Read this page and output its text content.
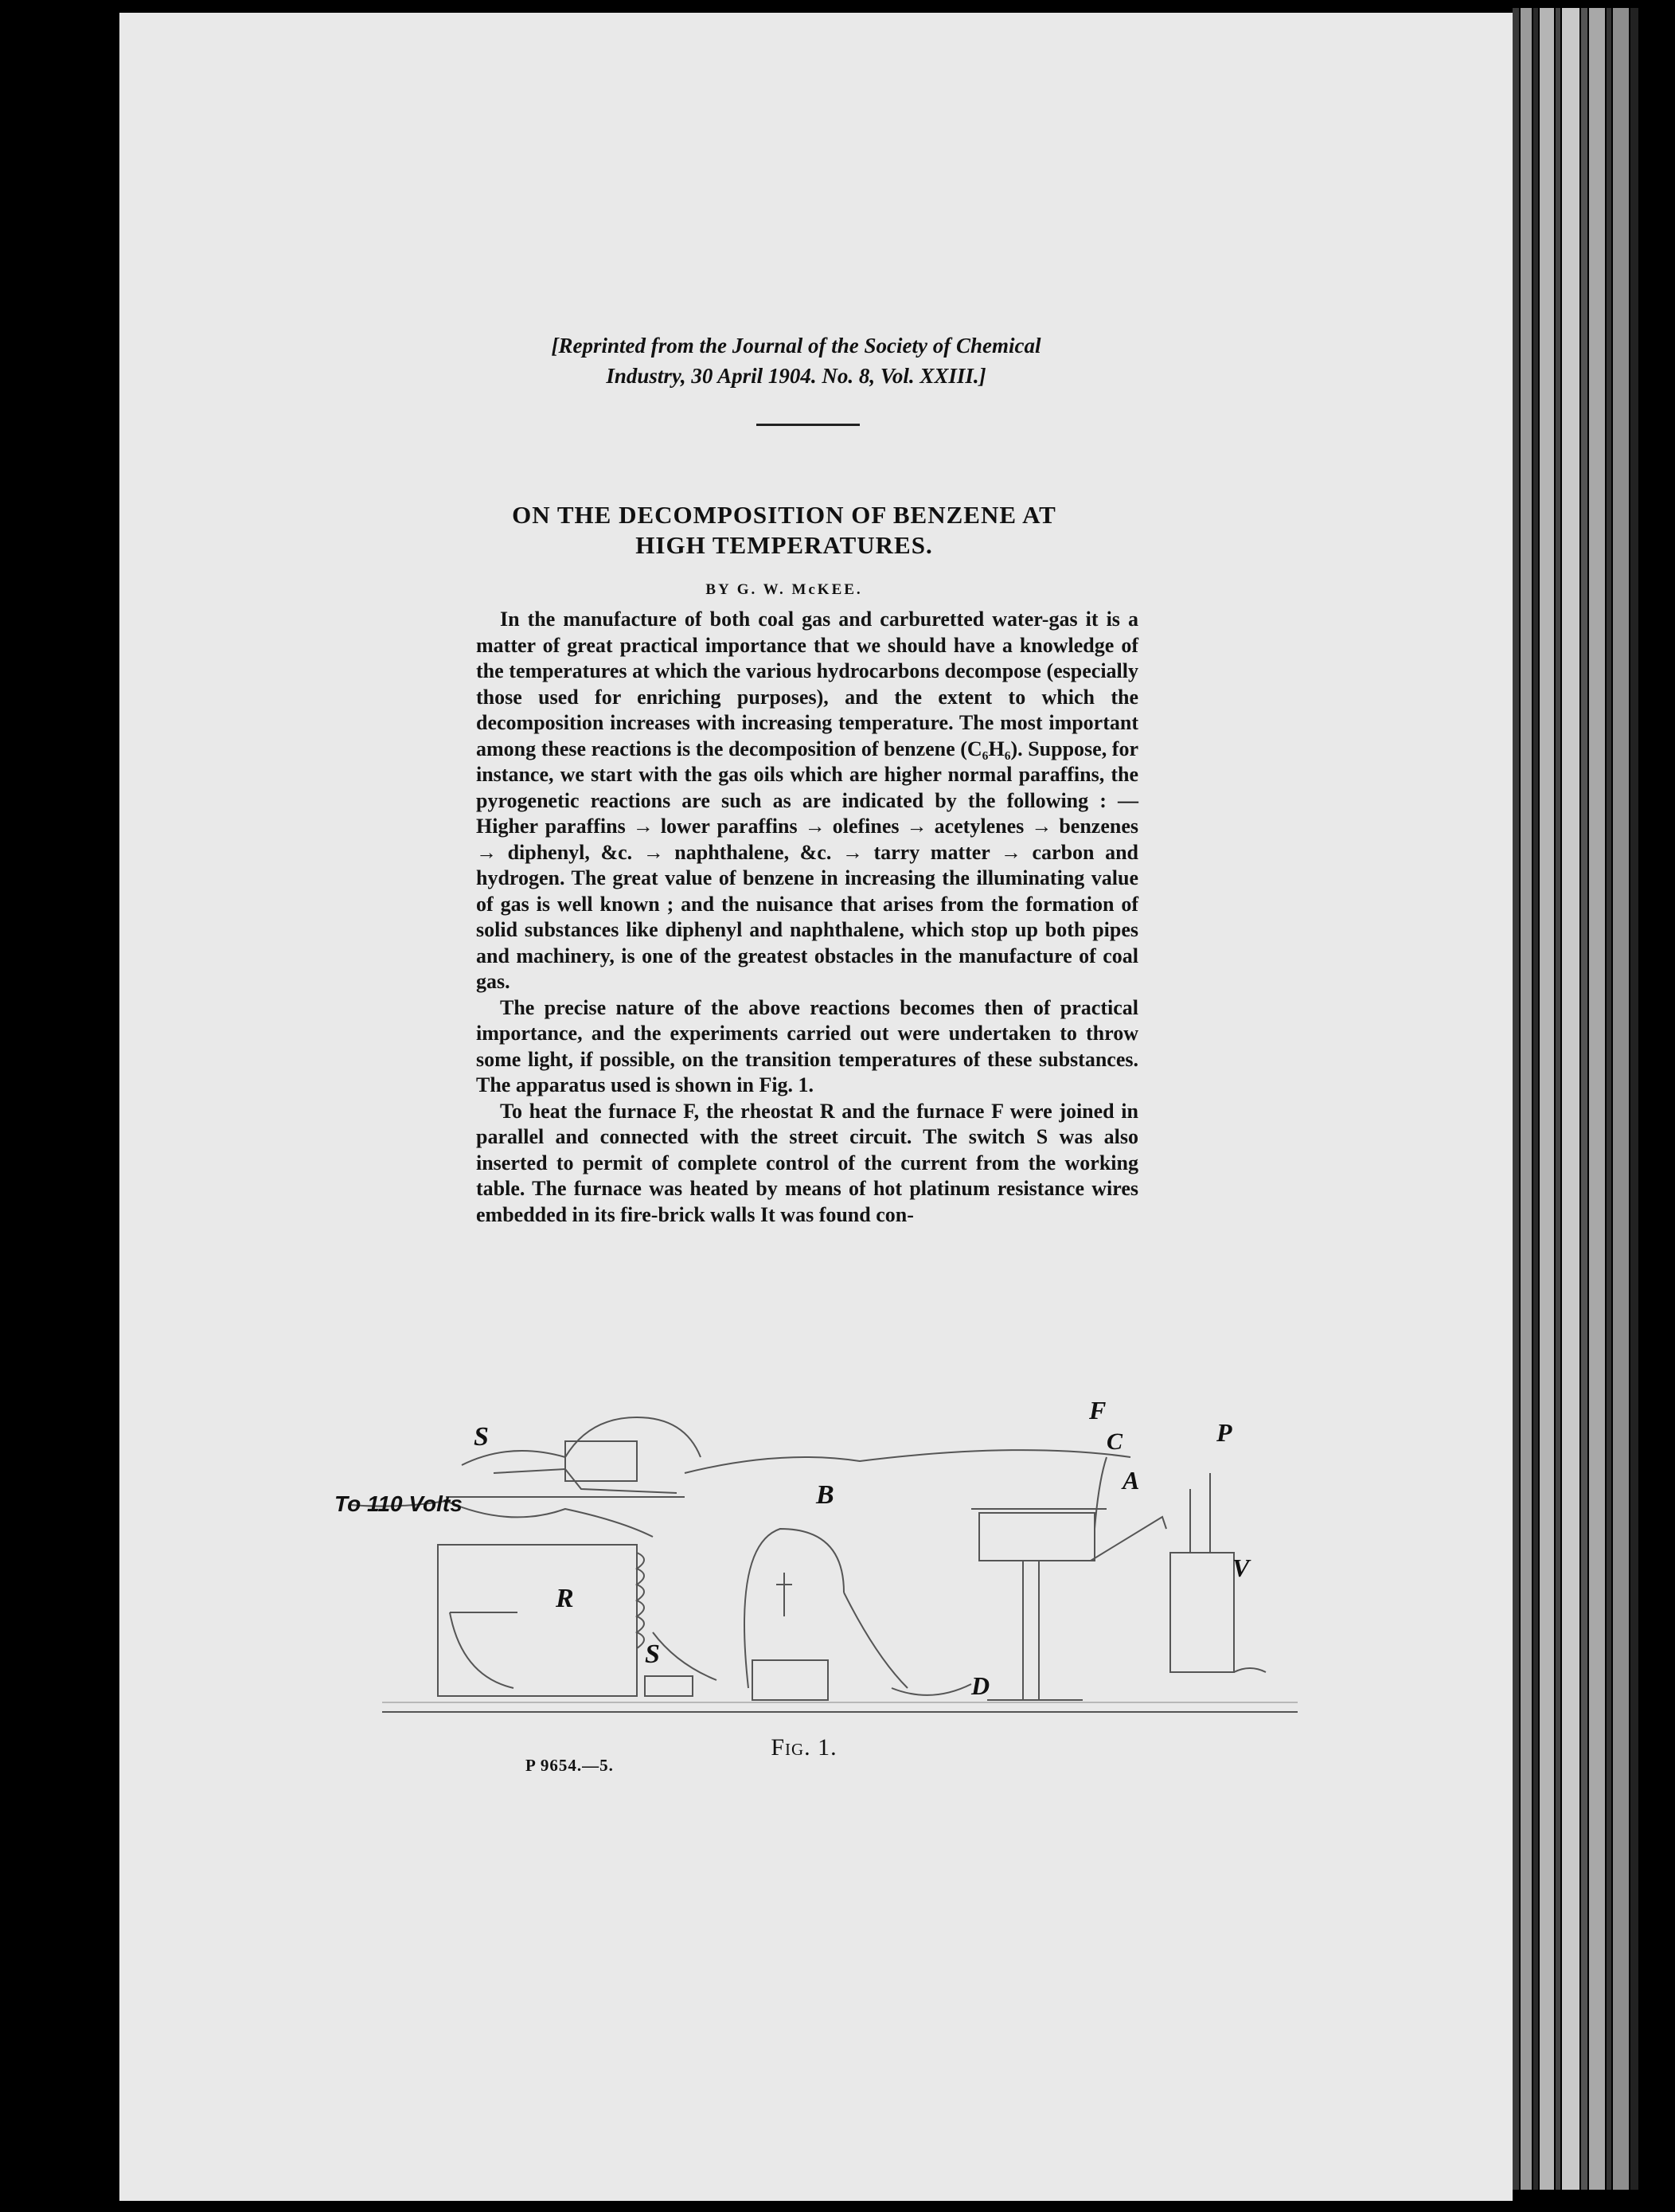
[Reprinted from the Journal of the Society of Chemical
Industry, 30 April 1904. No. 8, Vol. XXIII.]
ON THE DECOMPOSITION OF BENZENE AT
HIGH TEMPERATURES.
BY G. W. McKEE.

In the manufacture of both coal gas and carburetted water-gas it is a matter of great practical importance that we should have a knowledge of the temperatures at which the various hydrocarbons decompose (especially those used for enriching purposes), and the extent to which the decomposition increases with increasing temperature. The most important among these reactions is the decomposition of benzene (C₆H₆). Suppose, for instance, we start with the gas oils which are higher normal paraffins, the pyrogenetic reactions are such as are indicated by the following : — Higher paraffins → lower paraffins → olefines → acetylenes → benzenes → diphenyl, &c. → naphthalene, &c. → tarry matter → carbon and hydrogen. The great value of benzene in increasing the illuminating value of gas is well known ; and the nuisance that arises from the formation of solid substances like diphenyl and naphthalene, which stop up both pipes and machinery, is one of the greatest obstacles in the manufacture of coal gas.

The precise nature of the above reactions becomes then of practical importance, and the experiments carried out were undertaken to throw some light, if possible, on the transition temperatures of these substances. The apparatus used is shown in Fig. 1.

To heat the furnace F, the rheostat R and the furnace F were joined in parallel and connected with the street circuit. The switch S was also inserted to permit of complete control of the current from the working table. The furnace was heated by means of hot platinum resistance wires embedded in its fire-brick walls It was found con-

S
To 110 Volts
R
S
B
D
F
C
A
P
V
Fig. 1.
P 9654.—5.
